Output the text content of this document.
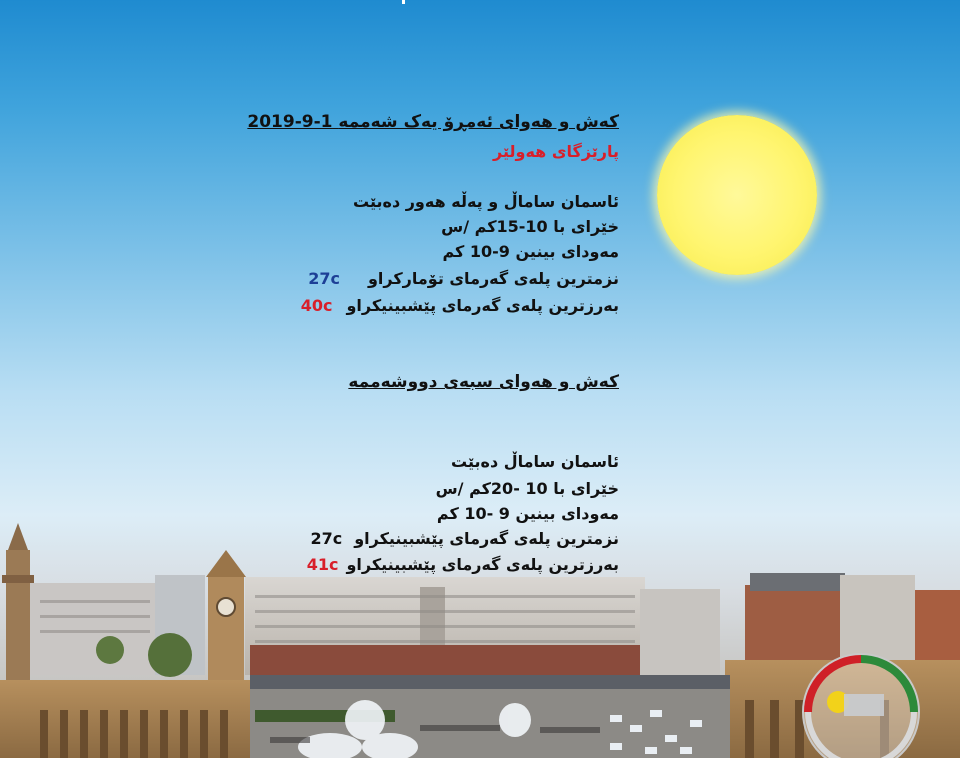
کەش و هەوای ئەمڕۆ یەک شەممە 2019-9-1
پارێزگای هەولێر
ئاسمان ساماڵ و پەڵە هەور دەبێت
خێرای با 10-15کم /س
مەودای بینین 9-10 کم
نزمترین پلەی گەرمای تۆمارکراو27c
بەرزترین پلەی گەرمای پێشبینیکراو40c
کەش و هەوای سبەی دووشەممە
ئاسمان ساماڵ دەبێت
خێرای با 10 -20کم /س
مەودای بینین 9 -10 کم
نزمترین پلەی گەرمای پێشبینیکراو27c
بەرزترین پلەی گەرمای پێشبینیکراو41c
